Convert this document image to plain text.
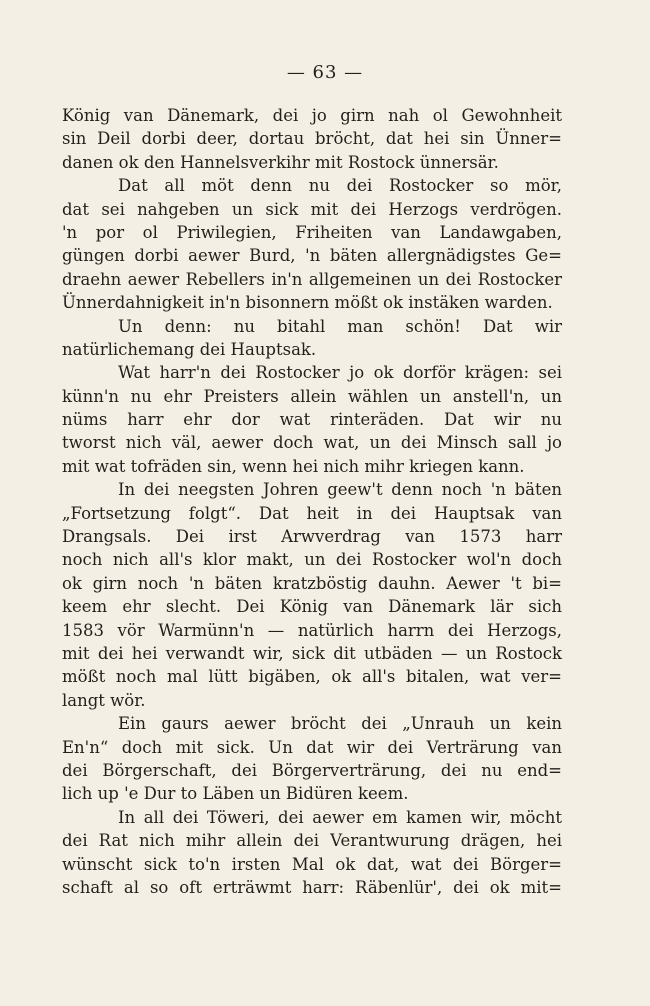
— 63 —
König van Dänemark, dei jo girn nah ol Gewohnheit
sin Deil dorbi deer, dortau bröcht, dat hei sin Ünner=
danen ok den Hannelsverkihr mit Rostock ünnersär.
Dat all möt denn nu dei Rostocker so mör,
dat sei nahgeben un sick mit dei Herzogs verdrögen.
'n por ol Priwilegien, Friheiten van Landawgaben,
güngen dorbi aewer Burd, 'n bäten allergnädigstes Ge=
draehn aewer Rebellers in'n allgemeinen un dei Rostocker
Ünnerdahnigkeit in'n bisonnern mößt ok instäken warden.
Un denn: nu bitahl man schön! Dat wir
natürlichemang dei Hauptsak.
Wat harr'n dei Rostocker jo ok dorför krägen: sei
künn'n nu ehr Preisters allein wählen un anstell'n, un
nüms harr ehr dor wat rinteräden. Dat wir nu
tworst nich väl, aewer doch wat, un dei Minsch sall jo
mit wat tofräden sin, wenn hei nich mihr kriegen kann.
In dei neegsten Johren geew't denn noch 'n bäten
„Fortsetzung folgt“. Dat heit in dei Hauptsak van
Drangsals. Dei irst Arwverdrag van 1573 harr
noch nich all's klor makt, un dei Rostocker wol'n doch
ok girn noch 'n bäten kratzböstig dauhn. Aewer 't bi=
keem ehr slecht. Dei König van Dänemark lär sich
1583 vör Warmünn'n — natürlich harrn dei Herzogs,
mit dei hei verwandt wir, sick dit utbäden — un Rostock
mößt noch mal lütt bigäben, ok all's bitalen, wat ver=
langt wör.
Ein gaurs aewer bröcht dei „Unrauh un kein
En'n“ doch mit sick. Un dat wir dei Verträrung van
dei Börgerschaft, dei Börgerverträrung, dei nu end=
lich up 'e Dur to Läben un Bidüren keem.
In all dei Töweri, dei aewer em kamen wir, möcht
dei Rat nich mihr allein dei Verantwurung drägen, hei
wünscht sick to'n irsten Mal ok dat, wat dei Börger=
schaft al so oft erträwmt harr: Räbenlür', dei ok mit=
